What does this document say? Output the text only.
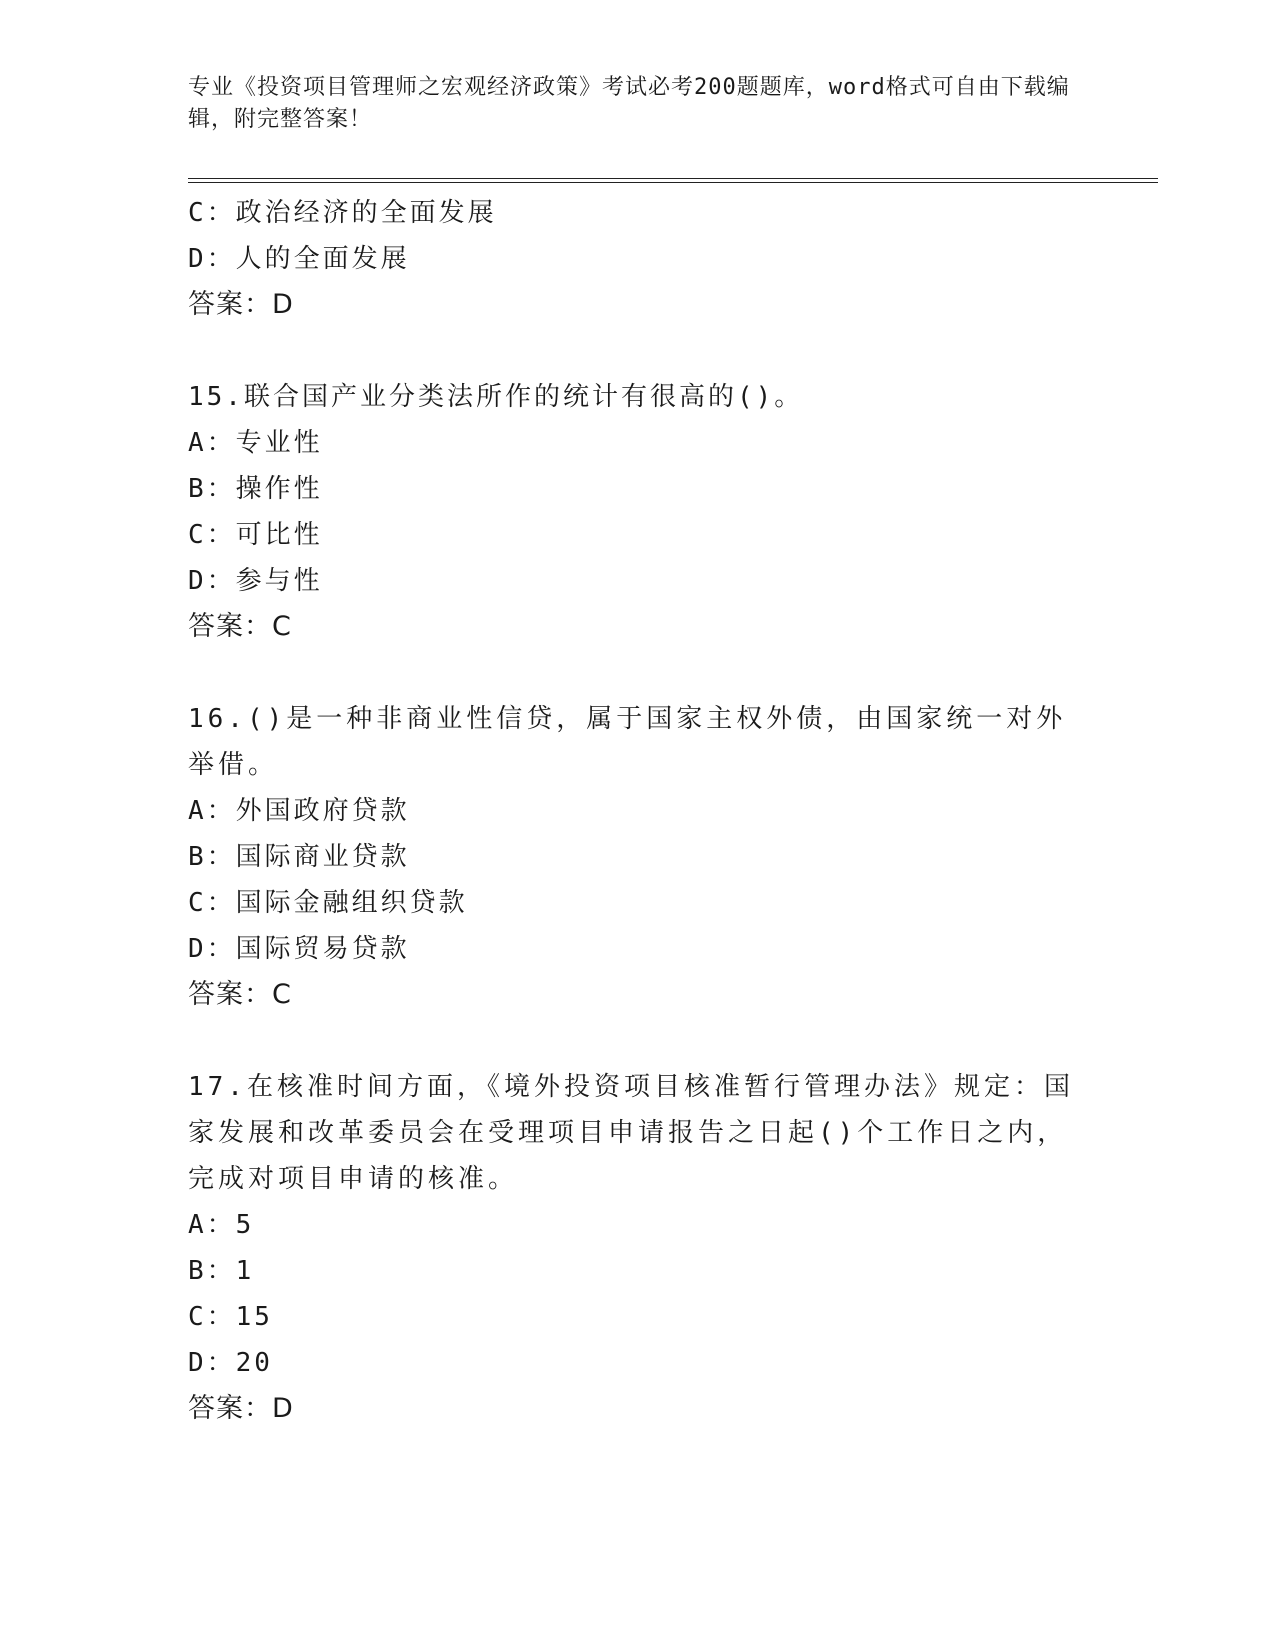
专业《投资项目管理师之宏观经济政策》考试必考200题题库，word格式可自由下载编辑，附完整答案！
C：政治经济的全面发展
D：人的全面发展
答案：D
15.联合国产业分类法所作的统计有很高的()。
A：专业性
B：操作性
C：可比性
D：参与性
答案：C
16.()是一种非商业性信贷，属于国家主权外债，由国家统一对外举借。
A：外国政府贷款
B：国际商业贷款
C：国际金融组织贷款
D：国际贸易贷款
答案：C
17.在核准时间方面，《境外投资项目核准暂行管理办法》规定：国家发展和改革委员会在受理项目申请报告之日起()个工作日之内，完成对项目申请的核准。
A：5
B：1
C：15
D：20
答案：D
